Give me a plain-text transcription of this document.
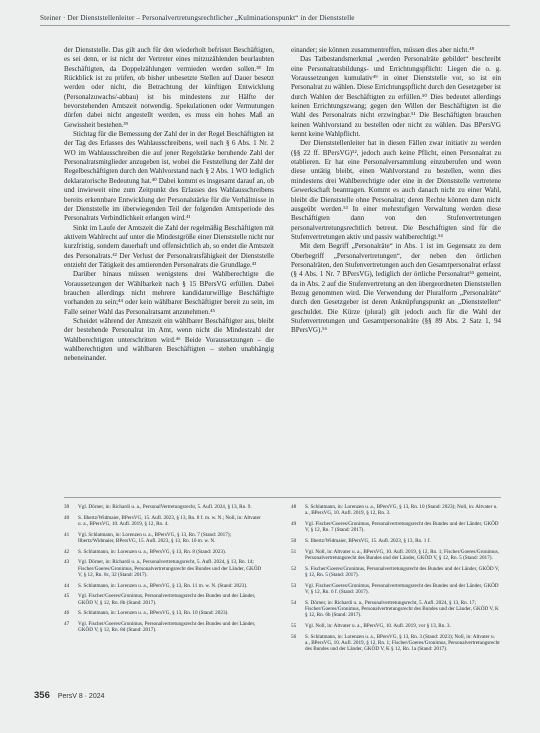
Steiner · Der Dienststellenleiter – Personalvertretungsrechtlicher „Kulminationspunkt“ in der Dienststelle

der Dienststelle. Das gilt auch für den wiederholt befristet Beschäftigten, es sei denn, er ist nicht der Vertreter eines mitzuzählenden beurlaubten Beschäftigten, da Doppelzählungen vermieden werden sollen.³⁸ Im Rückblick ist zu prüfen, ob bisher unbesetzte Stellen auf Dauer besetzt werden oder nicht, die Betrachtung der künftigen Entwicklung (Personalzuwachs/-abbau) ist bis mindestens zur Hälfte der bevorstehenden Amtszeit notwendig. Spekulationen oder Vermutungen dürfen dabei nicht angestellt werden, es muss ein hohes Maß an Gewissheit bestehen.³⁹

Stichtag für die Bemessung der Zahl der in der Regel Beschäftigten ist der Tag des Erlasses des Wahlausschreibens, weil nach § 6 Abs. 1 Nr. 2 WO im Wahlausschreiben die auf jener Regelstärke beruhende Zahl der Personalratsmitglieder anzugeben ist, wobei die Feststellung der Zahl der Regelbeschäftigten durch den Wahlvorstand nach § 2 Abs. 1 WO lediglich deklaratorische Bedeutung hat.⁴⁰ Dabei kommt es insgesamt darauf an, ob und inwieweit eine zum Zeitpunkt des Erlasses des Wahlausschreibens bereits erkennbare Entwicklung der Personalstärke für die Verhältnisse in der Dienststelle im überwiegenden Teil der folgenden Amtsperiode des Personalrats Verbindlichkeit erlangen wird.⁴¹

Sinkt im Laufe der Amtszeit die Zahl der regelmäßig Beschäftigten mit aktivem Wahlrecht auf unter die Mindestgröße einer Dienststelle nicht nur kurzfristig, sondern dauerhaft und offensichtlich ab, so endet die Amtszeit des Personalrats.⁴² Der Verlust der Personalratsfähigkeit der Dienststelle entzieht der Tätigkeit des amtierenden Personalrats die Grundlage.⁴³

Darüber hinaus müssen wenigstens drei Wahlberechtigte die Voraussetzungen der Wählbarkeit nach § 15 BPersVG erfüllen. Dabei brauchen allerdings nicht mehrere kandidaturwillige Beschäftigte vorhanden zu sein;⁴⁴ oder kein wählbarer Beschäftigter bereit zu sein, im Falle seiner Wahl das Personalratsamt anzunehmen.⁴⁵

Scheidet während der Amtszeit ein wählbarer Beschäftigter aus, bleibt der bestehende Personalrat im Amt, wenn nicht die Mindestzahl der Wahlberechtigten unterschritten wird.⁴⁶ Beide Voraussetzungen – die wahlberechtigten und wählbaren Beschäftigten – stehen unabhängig nebeneinander.

einander; sie können zusammentreffen, müssen dies aber nicht.⁴⁸

Das Tatbestandsmerkmal „werden Personalräte gebildet“ beschreibt eine Personalratsbildungs- und Errichtungspflicht: Liegen die o. g. Voraussetzungen kumulativ⁴⁹ in einer Dienststelle vor, so ist ein Personalrat zu wählen. Diese Errichtungspflicht durch den Gesetzgeber ist durch Wahlen der Beschäftigten zu erfüllen.⁵⁰ Dies bedeutet allerdings keinen Errichtungszwang; gegen den Willen der Beschäftigten ist die Wahl des Personalrats nicht erzwingbar.⁵¹ Die Beschäftigten brauchen keinen Wahlvorstand zu bestellen oder nicht zu wählen. Das BPersVG kennt keine Wahlpflicht.

Der Dienststellenleiter hat in diesen Fällen zwar initiativ zu werden (§§ 22 ff. BPersVG)⁵², jedoch auch keine Pflicht, einen Personalrat zu etablieren. Er hat eine Personalversammlung einzuberufen und wenn diese untätig bleibt, einen Wahlvorstand zu bestellen, wenn dies mindestens drei Wahlberechtigte oder eine in der Dienststelle vertretene Gewerkschaft beantragen. Kommt es auch danach nicht zu einer Wahl, bleibt die Dienststelle ohne Personalrat; deren Rechte können dann nicht ausgeübt werden.⁵³ In einer mehrstufigen Verwaltung werden diese Beschäftigten dann von den Stufenvertretungen personalvertretungsrechtlich betreut. Die Beschäftigten sind für die Stufenvertretungen aktiv und passiv wahlberechtigt.⁵⁴

Mit dem Begriff „Personalräte“ in Abs. 1 ist im Gegensatz zu dem Oberbegriff „Personalvertretungen“, der neben den örtlichen Personalräten, den Stufenvertretungen auch den Gesamtpersonalrat erfasst (§ 4 Abs. 1 Nr. 7 BPersVG), lediglich der örtliche Personalrat⁵⁵ gemeint, da in Abs. 2 auf die Stufenvertretung an den übergeordneten Dienststellen Bezug genommen wird. Die Verwendung der Pluralform „Personalräte“ durch den Gesetzgeber ist deren Anknüpfungspunkt an „Dienststellen“ geschuldet. Die Kürze (plural) gilt jedoch auch für die Wahl der Stufenvertretungen und Gesamtpersonalräte (§§ 89 Abs. 2 Satz 1, 94 BPersVG).⁵⁶

39 Vgl. Dörner, in: Richardi u. a., PersonalVertretungsrecht, 5. Aufl. 2024, § 13, Rn. 9.

40 S. Ilbertz/Widmaier, BPersVG, 15. Aufl. 2023, § 13, Rn. 8 f. m. w. N.; Noll, in: Altvater u. a., BPersVG, 10. Aufl. 2019, § 12, Rn. 4.

41 Vgl. Schlatmann, in: Lorenzen u. a., BPersVG, § 13, Rn. 7 (Stand: 2017); Ilbertz/Widmaier, BPersVG, 15. Aufl. 2023, § 13, Rn. 10 m. w. N.

42 S. Schlatmann, in: Lorenzen u. a., BPersVG, § 13, Rn. 8 (Stand: 2023).

43 Vgl. Dörner, in: Richardi u. a., Personalvertretungsrecht, 5. Aufl. 2024, § 13, Rn. 14; Fischer/Goeres/Gronimus, Personalvertretungsrecht des Bundes und der Länder, GKÖD V, § 12, Rn. 8c, 32 (Stand: 2017).

44 S. Schlatmann, in: Lorenzen u. a., BPersVG, § 13, Rn. 11 m. w. N. (Stand: 2023).

45 Vgl. Fischer/Goeres/Gronimus, Personalvertretungsrecht des Bundes und der Länder, GKÖD V, § 12, Rn. 8b (Stand: 2017).

46 S. Schlatmann, in: Lorenzen u. a., BPersVG, § 13, Rn. 10 (Stand: 2023).

47 Vgl. Fischer/Goeres/Gronimus, Personalvertretungsrecht des Bundes und der Länder, GKÖD V, § 12, Rn. 8d (Stand: 2017).

48 S. Schlatmann, in: Lorenzen u. a., BPersVG, § 13, Rn. 10 (Stand: 2023); Noll, in: Altvater u. a., BPersVG, 10. Aufl. 2019, § 12, Rn. 3.

49 Vgl. Fischer/Goeres/Gronimus, Personalvertretungsrecht des Bundes und der Länder, GKÖD V, § 12, Rn. 7 (Stand: 2017).

50 S. Ilbertz/Widmaier, BPersVG, 15. Aufl. 2023, § 13, Rn. 1 f.

51 Vgl. Noll, in: Altvater u. a., BPersVG, 10. Aufl. 2019, § 12, Rn. 1; Fischer/Goeres/Gronimus, Personalvertretungsrecht des Bundes und der Länder, GKÖD V, § 12, Rn. 5 (Stand: 2017).

52 S. Fischer/Goeres/Gronimus, Personalvertretungsrecht des Bundes und der Länder, GKÖD V, § 12, Rn. 5 (Stand: 2017).

53 Vgl. Fischer/Goeres/Gronimus, Personalvertretungsrecht des Bundes und der Länder, GKÖD V, § 12, Rn. 6 f. (Stand: 2017).

54 S. Dörner, in: Richardi u. a., Personalvertretungsrecht, 5. Aufl. 2024, § 13, Rn. 17; Fischer/Goeres/Gronimus, Personalvertretungsrecht des Bundes und der Länder, GKÖD V, K § 12, Rn. 6b (Stand: 2017).

55 Vgl. Noll, in: Altvater u. a., BPersVG, 10. Aufl. 2019, vor § 13, Rn. 3.

56 S. Schlatmann, in: Lorenzen u. a., BPersVG, § 13, Rn. 3 (Stand: 2023); Noll, in: Altvater u. a., BPersVG, 10. Aufl. 2019, § 12, Rn. 1; Fischer/Goeres/Gronimus, Personalvertretungsrecht des Bundes und der Länder, GKÖD V, K § 12, Rn. 1a (Stand: 2017).

356 PersV 8 · 2024
